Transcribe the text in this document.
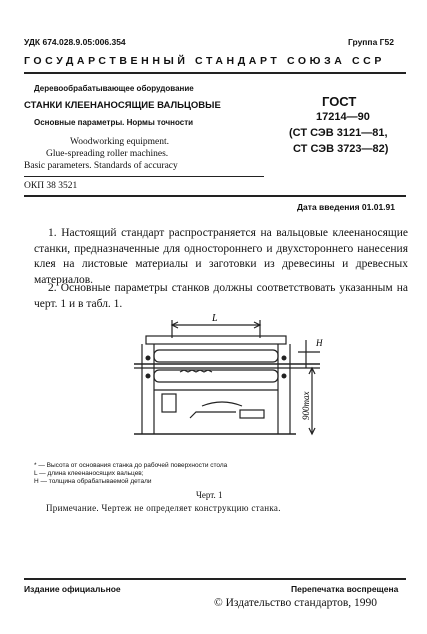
УДК 674.028.9.05:006.354	Группа Г52
ГОСУДАРСТВЕННЫЙ СТАНДАРТ СОЮЗА ССР
Деревообрабатывающее оборудование
СТАНКИ КЛЕЕНАНОСЯЩИЕ ВАЛЬЦОВЫЕ
Основные параметры. Нормы точности
Woodworking equipment.
Glue-spreading roller machines.
Basic parameters. Standards of accuracy
ОКП 38 3521
ГОСТ
17214—90
(СТ СЭВ 3121—81,
СТ СЭВ 3723—82)
Дата введения 01.01.91
1. Настоящий стандарт распространяется на вальцовые клеенаносящие станки, предназначенные для одностороннего и двухстороннего нанесения клея на листовые материалы и заготовки из древесины и древесных материалов.
2. Основные параметры станков должны соответствовать указанным на черт. 1 и в табл. 1.
L
H
900max
* — Высота от основания станка до рабочей поверхности стола
L — длина клеенаносящих вальцев;
H — толщина обрабатываемой детали
Черт. 1
Примечание. Чертеж не определяет конструкцию станка.
Издание официальное	Перепечатка воспрещена
© Издательство стандартов, 1990
